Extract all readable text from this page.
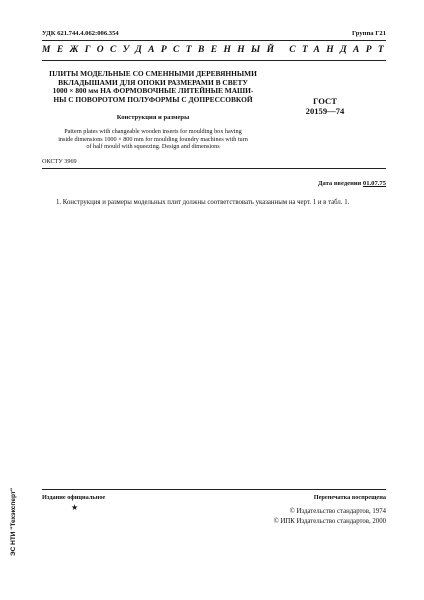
УДК 621.744.4.062:006.354	Группа Г21
МЕЖГОСУДАРСТВЕННЫЙ СТАНДАРТ
ПЛИТЫ МОДЕЛЬНЫЕ СО СМЕННЫМИ ДЕРЕВЯННЫМИ
ВКЛАДЫШАМИ ДЛЯ ОПОКИ РАЗМЕРАМИ В СВЕТУ
1000 × 800 мм НА ФОРМОВОЧНЫЕ ЛИТЕЙНЫЕ МАШИ-
НЫ С ПОВОРОТОМ ПОЛУФОРМЫ С ДОПРЕССОВКОЙ	ГОСТ
20159—74
Конструкция и размеры
Pattern plates with changeable wooden inserts for moulding box having
inside dimensions 1000 × 800 mm for moulding foundry machines with turn
of half mould with squeezing. Design and dimensions
ОКСТУ 3969
Дата введения 01.07.75
1. Конструкция и размеры модельных плит должны соответствовать указанным на черт. 1 и в табл. 1.
ЭС НТИ "Техэксперт"	Издание официальное
★
Перепечатка воспрещена
© Издательство стандартов, 1974
© ИПК Издательство стандартов, 2000
